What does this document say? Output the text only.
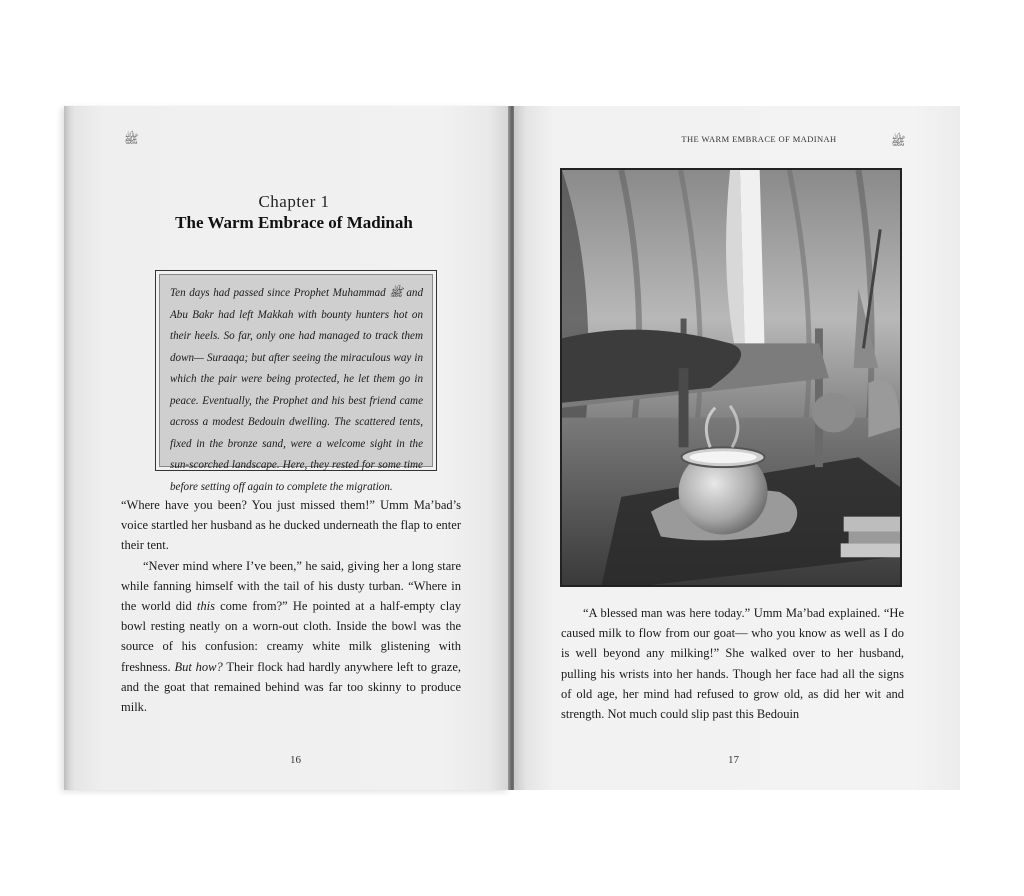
ﷺ
Chapter 1
The Warm Embrace of Madinah
Ten days had passed since Prophet Muhammad ﷺ and Abu Bakr had left Makkah with bounty hunters hot on their heels. So far, only one had managed to track them down— Suraaqa; but after seeing the miraculous way in which the pair were being protected, he let them go in peace. Eventually, the Prophet and his best friend came across a modest Bedouin dwelling. The scattered tents, fixed in the bronze sand, were a welcome sight in the sun-scorched landscape. Here, they rested for some time before setting off again to complete the migration.

“Where have you been? You just missed them!” Umm Ma’bad’s voice startled her husband as he ducked underneath the flap to enter their tent.

“Never mind where I’ve been,” he said, giving her a long stare while fanning himself with the tail of his dusty turban. “Where in the world did this come from?” He pointed at a half-empty clay bowl resting neatly on a worn-out cloth. Inside the bowl was the source of his confusion: creamy white milk glistening with freshness. But how? Their flock had hardly anywhere left to graze, and the goat that remained behind was far too skinny to produce milk.

16
THE WARM EMBRACE OF MADINAH	ﷺ

“A blessed man was here today.” Umm Ma’bad explained. “He caused milk to flow from our goat— who you know as well as I do is well beyond any milking!” She walked over to her husband, pulling his wrists into her hands. Though her face had all the signs of old age, her mind had refused to grow old, as did her wit and strength. Not much could slip past this Bedouin

17
